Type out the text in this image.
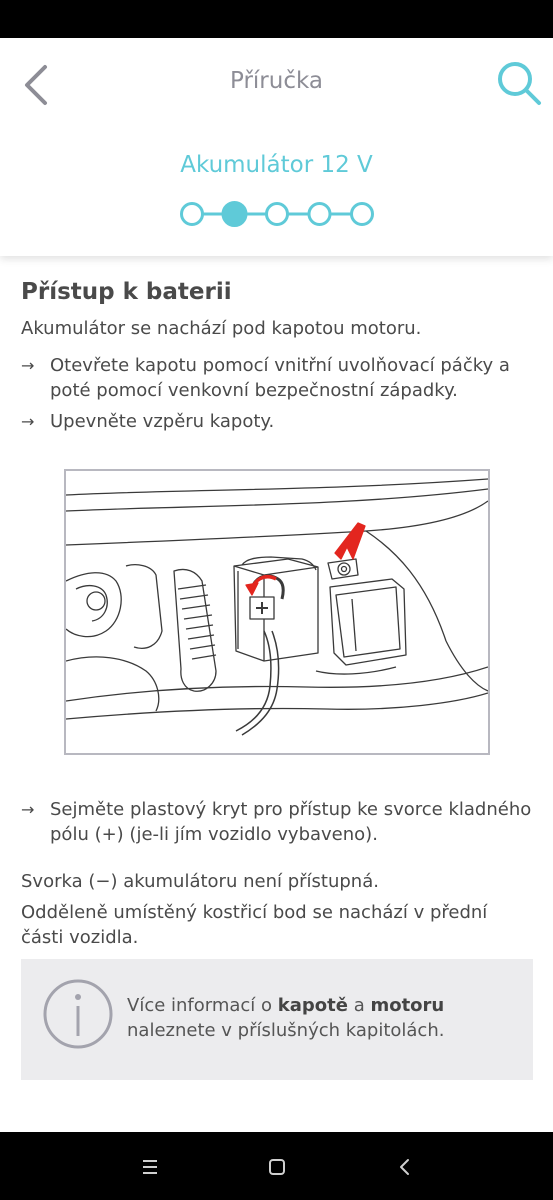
Příručka
Akumulátor 12 V
Přístup k baterii

Akumulátor se nachází pod kapotou motoru.

→ Otevřete kapotu pomocí vnitřní uvolňovací páčky a poté pomocí venkovní bezpečnostní západky.
→ Upevněte vzpěru kapoty.
→ Sejměte plastový kryt pro přístup ke svorce kladného pólu (+) (je-li jím vozidlo vybaveno).

Svorka (−) akumulátoru není přístupná.

Odděleně umístěný kostřicí bod se nachází v přední části vozidla.

Více informací o kapotě a motoru naleznete v příslušných kapitolách.
